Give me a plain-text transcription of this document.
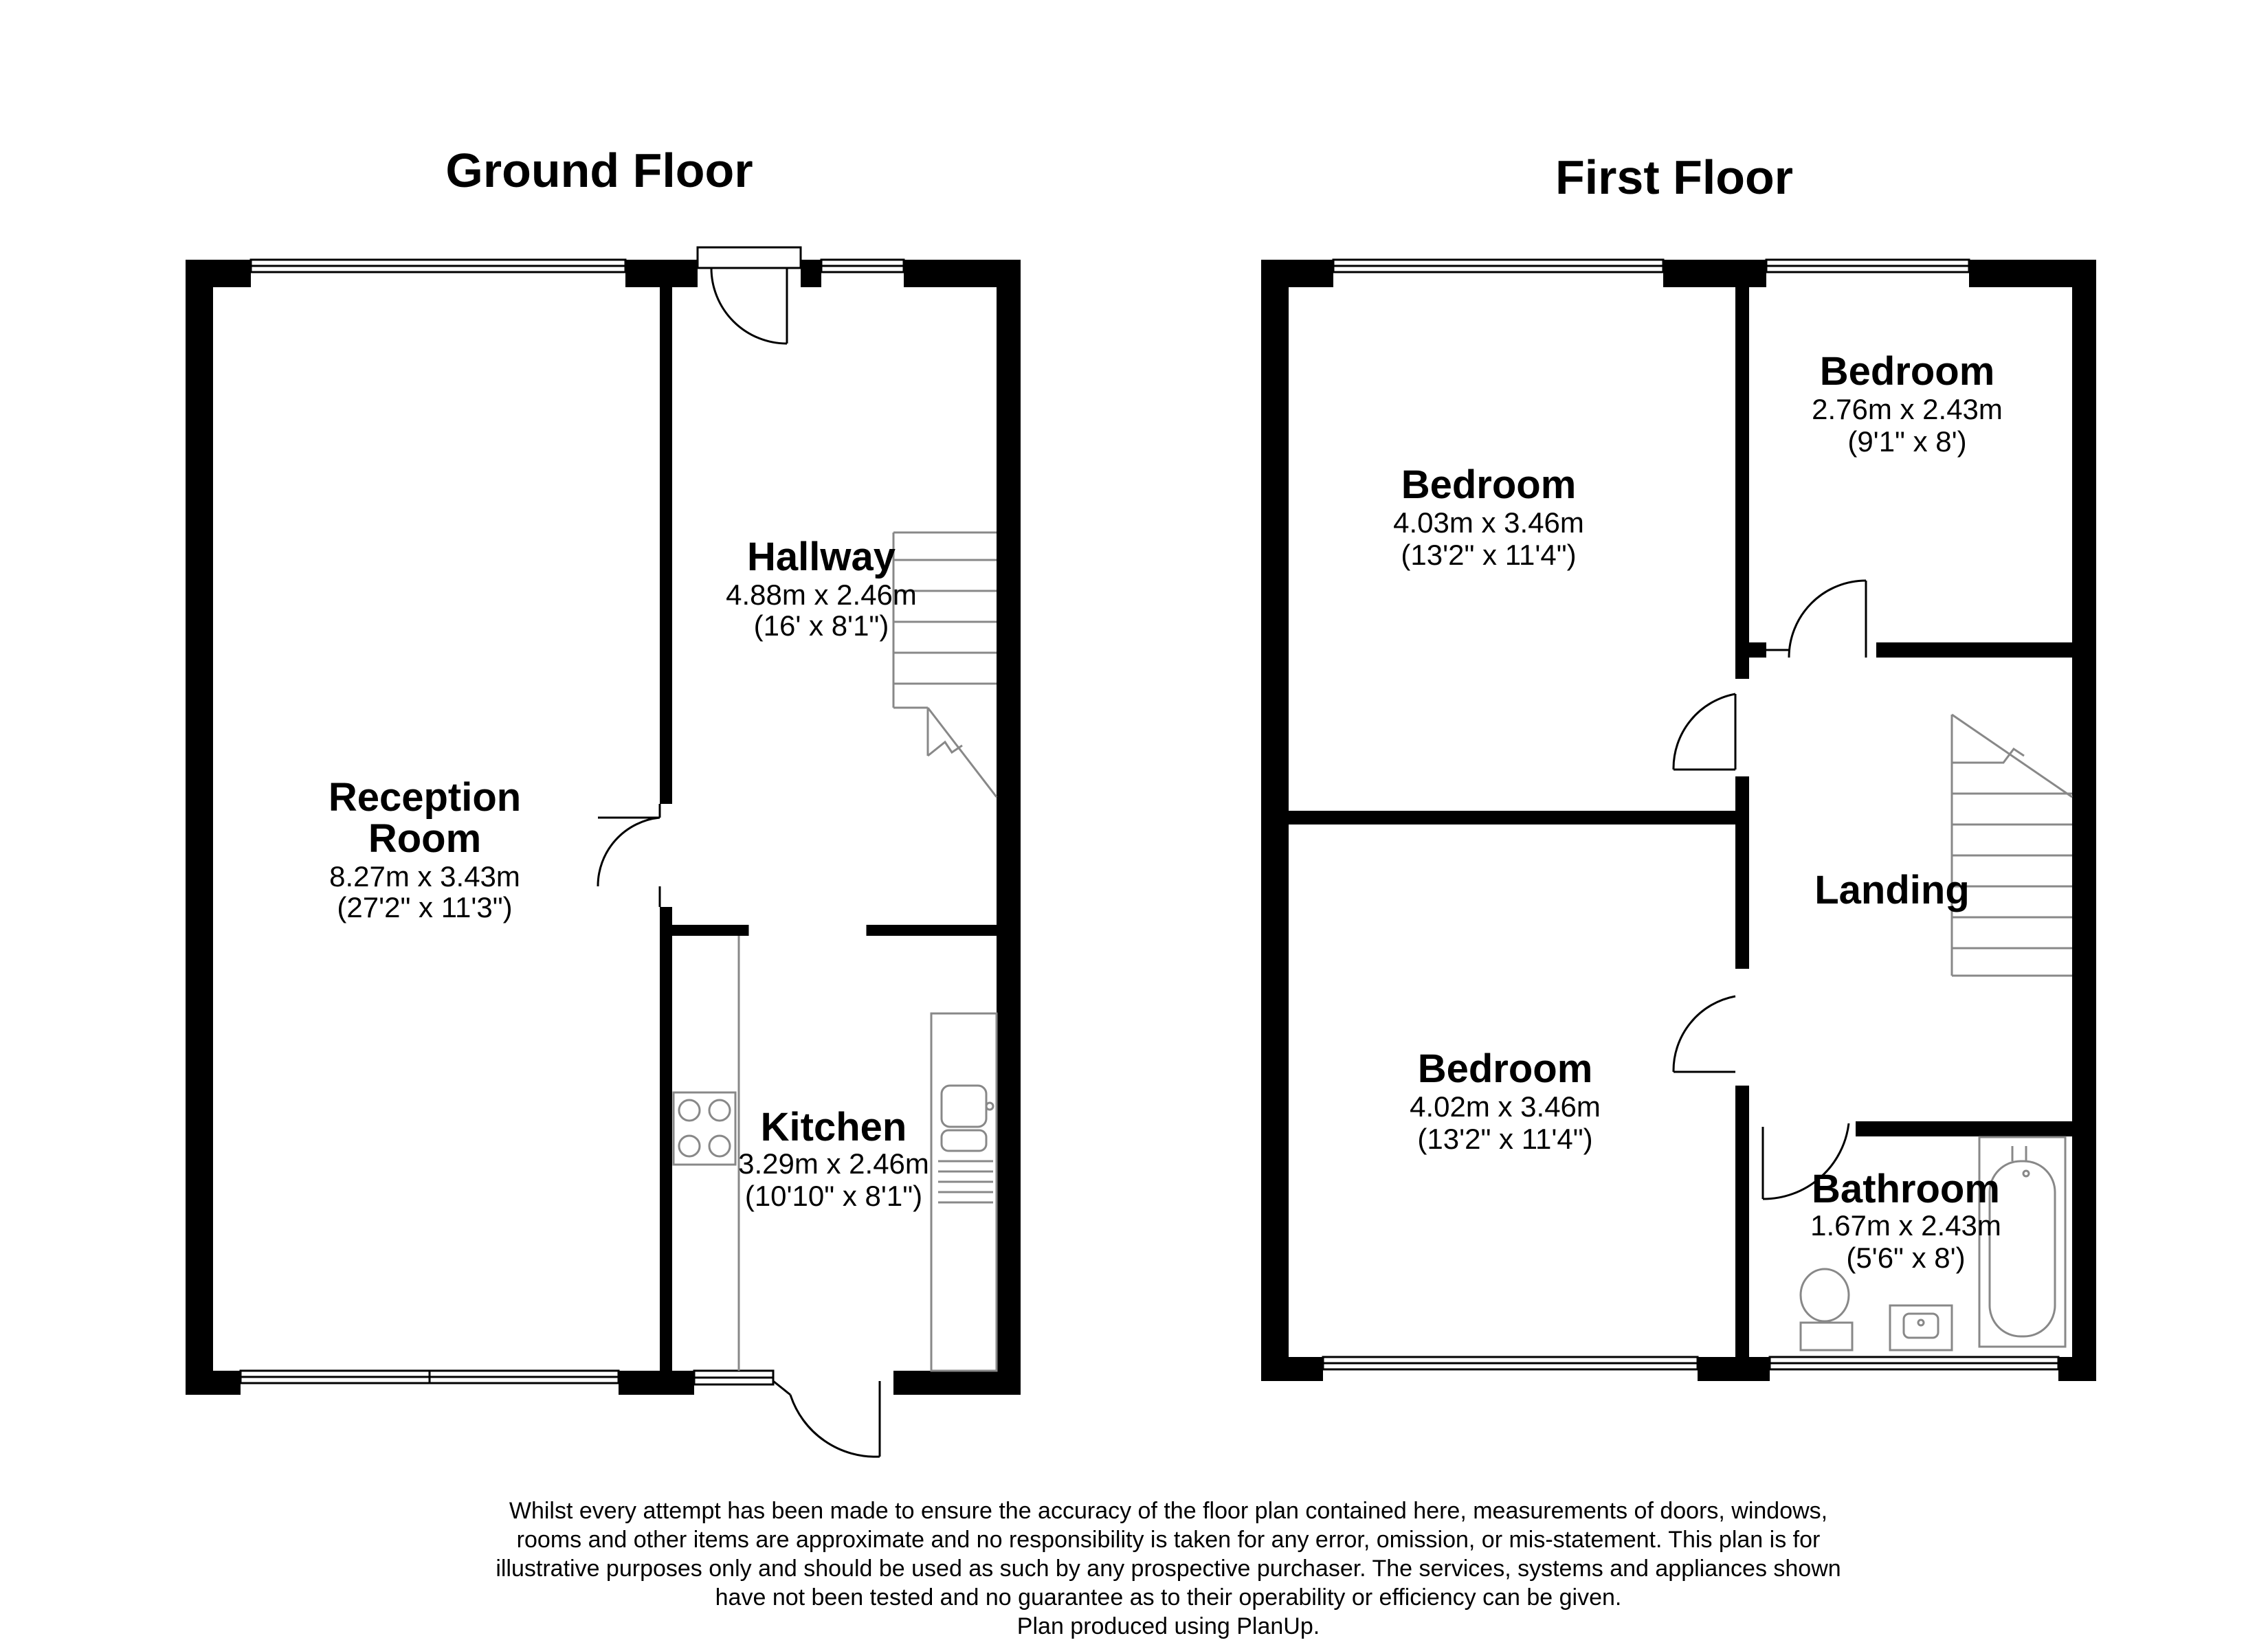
Ground Floor
Reception
Room
Hallway
4.88m x 2.46m
(16' x 8'1")
8.27m x 3.43m
(27'2" x 11'3")
Kitchen
3.29m x 2.46m
(10'10" x 8'1")
First Floor
Bedroom
2.76m x 2.43m
(9'1" x 8')
Bedroom
4.03m x 3.46m
(13'2" x 11'4")
Landing
Bedroom
4.02m x 3.46m
(13'2" x 11'4")
Bathroom
1.67m x 2.43m
(5'6" x 8')
Whilst every attempt has been made to ensure the accuracy of the floor plan contained here, measurements of doors, windows,
rooms and other items are approximate and no responsibility is taken for any error, omission, or mis-statement. This plan is for
illustrative purposes only and should be used as such by any prospective purchaser. The services, systems and appliances shown
have not been tested and no guarantee as to their operability or efficiency can be given.
Plan produced using PlanUp.
